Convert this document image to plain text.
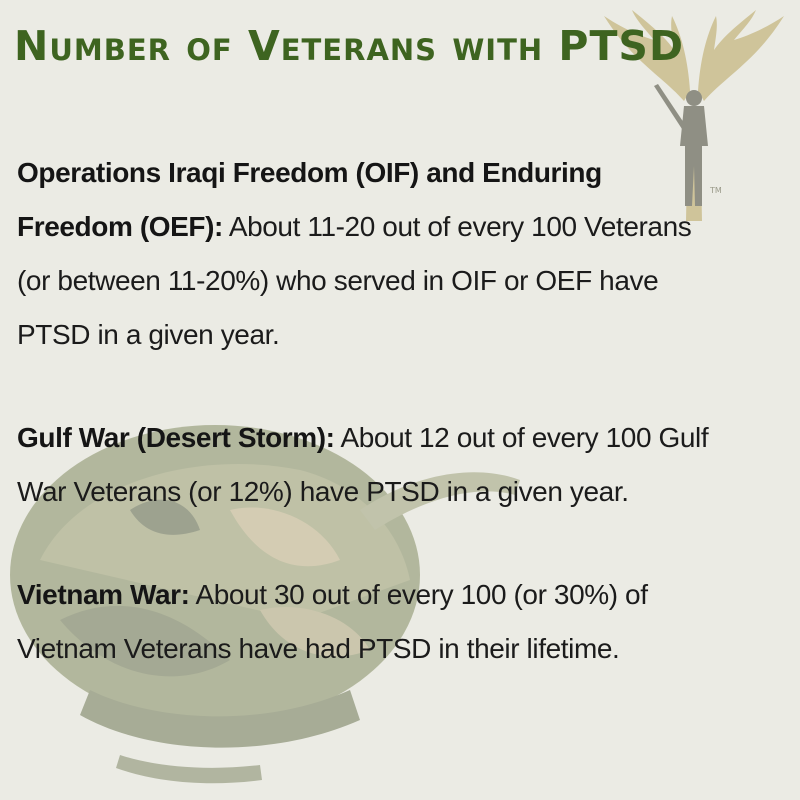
TM
Number of Veterans with PTSD

Operations Iraqi Freedom (OIF) and Enduring Freedom (OEF): About 11-20 out of every 100 Veterans (or between 11-20%) who served in OIF or OEF have PTSD in a given year.

Gulf War (Desert Storm): About 12 out of every 100 Gulf War Veterans (or 12%) have PTSD in a given year.

Vietnam War: About 30 out of every 100 (or 30%) of Vietnam Veterans have had PTSD in their lifetime.
